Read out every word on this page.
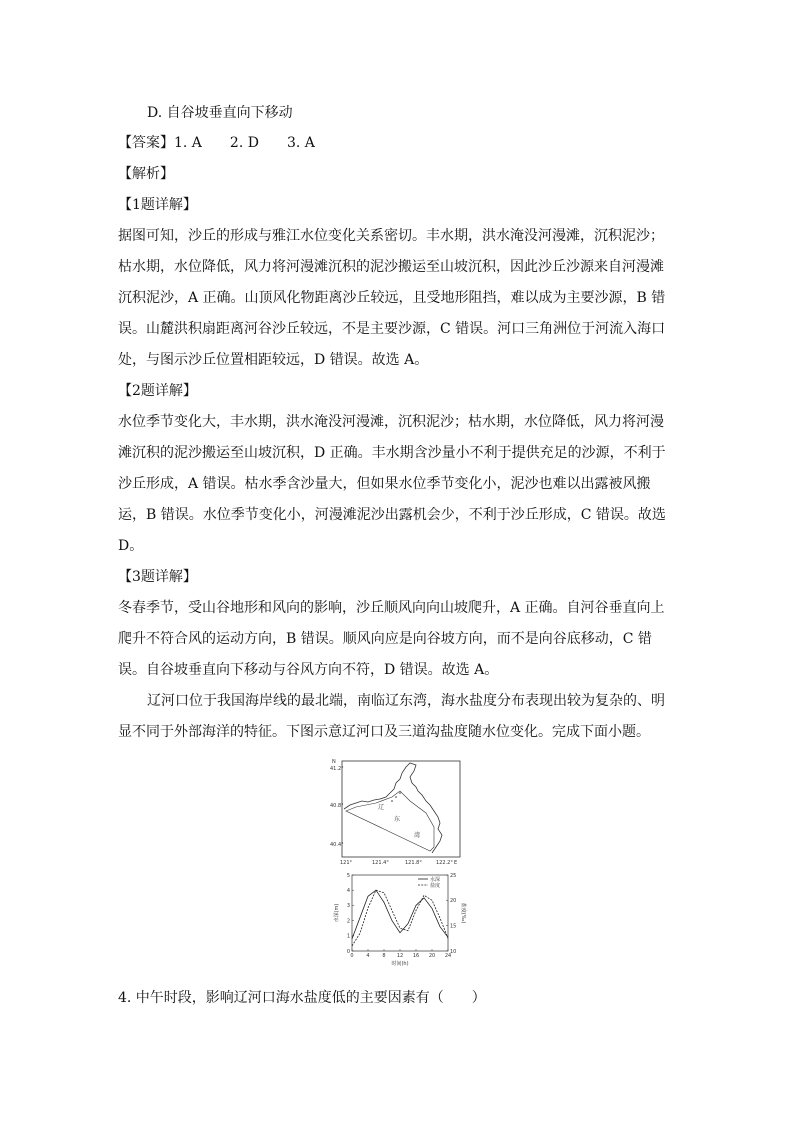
D. 自谷坡垂直向下移动
【答案】1. A　　2. D　　3. A
【解析】
【1题详解】
据图可知，沙丘的形成与雅江水位变化关系密切。丰水期，洪水淹没河漫滩，沉积泥沙；
枯水期，水位降低，风力将河漫滩沉积的泥沙搬运至山坡沉积，因此沙丘沙源来自河漫滩
沉积泥沙，A 正确。山顶风化物距离沙丘较远，且受地形阻挡，难以成为主要沙源，B 错
误。山麓洪积扇距离河谷沙丘较远，不是主要沙源，C 错误。河口三角洲位于河流入海口
处，与图示沙丘位置相距较远，D 错误。故选 A。
【2题详解】
水位季节变化大，丰水期，洪水淹没河漫滩，沉积泥沙；枯水期，水位降低，风力将河漫
滩沉积的泥沙搬运至山坡沉积，D 正确。丰水期含沙量小不利于提供充足的沙源，不利于
沙丘形成，A 错误。枯水季含沙量大，但如果水位季节变化小，泥沙也难以出露被风搬
运，B 错误。水位季节变化小，河漫滩泥沙出露机会少，不利于沙丘形成，C 错误。故选
D。
【3题详解】
冬春季节，受山谷地形和风向的影响，沙丘顺风向向山坡爬升，A 正确。自河谷垂直向上
爬升不符合风的运动方向，B 错误。顺风向应是向谷坡方向，而不是向谷底移动，C 错
误。自谷坡垂直向下移动与谷风方向不符，D 错误。故选 A。
辽河口位于我国海岸线的最北端，南临辽东湾，海水盐度分布表现出较为复杂的、明
显不同于外部海洋的特征。下图示意辽河口及三道沟盐度随水位变化。完成下面小题。
N
41.2°
40.8°
40.4°
121°	121.4°	121.8°	122.2° E
辽
东
湾
0	4	8 12 16 20 24
0
1
2
3
4
5
10
15
20
25
时间(h)
水深(m)	盐度(‰)
水深
盐度
4. 中午时段，影响辽河口海水盐度低的主要因素有（　　）
